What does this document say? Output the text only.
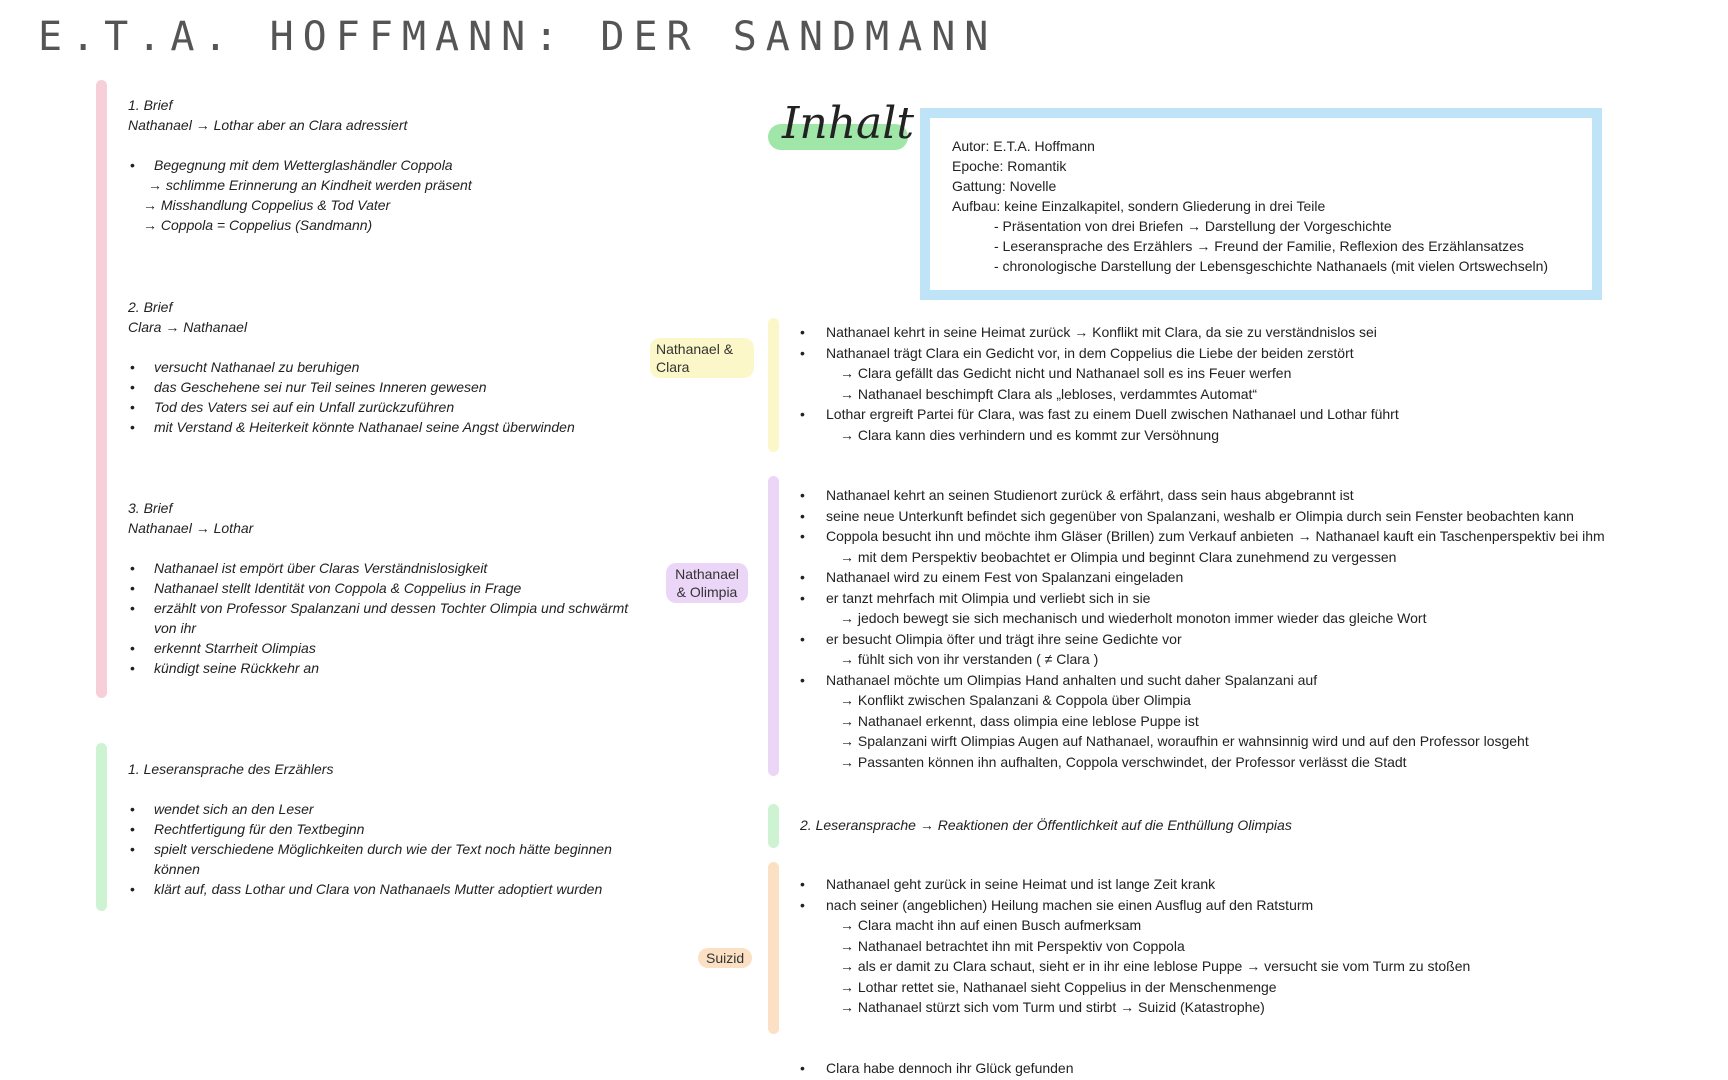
E.T.A. HOFFMANN: DER SANDMANN
Inhalt	Autor: E.T.A. Hoffmann
Epoche: Romantik
Gattung: Novelle
Aufbau: keine Einzalkapitel, sondern Gliederung in drei Teile
- Präsentation von drei Briefen → Darstellung der Vorgeschichte
- Leseransprache des Erzählers → Freund der Familie, Reflexion des Erzählansatzes
- chronologische Darstellung der Lebensgeschichte Nathanaels (mit vielen Ortswechseln)
1. Brief
Nathanael → Lothar aber an Clara adressiert
• Begegnung mit dem Wetterglashändler Coppola
→ schlimme Erinnerung an Kindheit werden präsent
→ Misshandlung Coppelius & Tod Vater
→ Coppola = Coppelius (Sandmann)
2. Brief
Clara → Nathanael
• versucht Nathanael zu beruhigen
• das Geschehene sei nur Teil seines Inneren gewesen
• Tod des Vaters sei auf ein Unfall zurückzuführen
• mit Verstand & Heiterkeit könnte Nathanael seine Angst überwinden
3. Brief
Nathanael → Lothar
• Nathanael ist empört über Claras Verständnislosigkeit
• Nathanael stellt Identität von Coppola & Coppelius in Frage
• erzählt von Professor Spalanzani und dessen Tochter Olimpia und schwärmt von ihr
• erkennt Starrheit Olimpias
• kündigt seine Rückkehr an
1. Leseransprache des Erzählers
• wendet sich an den Leser
• Rechtfertigung für den Textbeginn
• spielt verschiedene Möglichkeiten durch wie der Text noch hätte beginnen können
• klärt auf, dass Lothar und Clara von Nathanaels Mutter adoptiert wurden
Nathanael & Clara
Nathanael & Olimpia
Suizid
• Nathanael kehrt in seine Heimat zurück → Konflikt mit Clara, da sie zu verständnislos sei
• Nathanael trägt Clara ein Gedicht vor, in dem Coppelius die Liebe der beiden zerstört
→ Clara gefällt das Gedicht nicht und Nathanael soll es ins Feuer werfen
→ Nathanael beschimpft Clara als „lebloses, verdammtes Automat“
• Lothar ergreift Partei für Clara, was fast zu einem Duell zwischen Nathanael und Lothar führt
→ Clara kann dies verhindern und es kommt zur Versöhnung
• Nathanael kehrt an seinen Studienort zurück & erfährt, dass sein haus abgebrannt ist
• seine neue Unterkunft befindet sich gegenüber von Spalanzani, weshalb er Olimpia durch sein Fenster beobachten kann
• Coppola besucht ihn und möchte ihm Gläser (Brillen) zum Verkauf anbieten → Nathanael kauft ein Taschenperspektiv bei ihm
→ mit dem Perspektiv beobachtet er Olimpia und beginnt Clara zunehmend zu vergessen
• Nathanael wird zu einem Fest von Spalanzani eingeladen
• er tanzt mehrfach mit Olimpia und verliebt sich in sie
→ jedoch bewegt sie sich mechanisch und wiederholt monoton immer wieder das gleiche Wort
• er besucht Olimpia öfter und trägt ihre seine Gedichte vor
→ fühlt sich von ihr verstanden ( ≠ Clara )
• Nathanael möchte um Olimpias Hand anhalten und sucht daher Spalanzani auf
→ Konflikt zwischen Spalanzani & Coppola über Olimpia
→ Nathanael erkennt, dass olimpia eine leblose Puppe ist
→ Spalanzani wirft Olimpias Augen auf Nathanael, woraufhin er wahnsinnig wird und auf den Professor losgeht
→ Passanten können ihn aufhalten, Coppola verschwindet, der Professor verlässt die Stadt
2. Leseransprache → Reaktionen der Öffentlichkeit auf die Enthüllung Olimpias
• Nathanael geht zurück in seine Heimat und ist lange Zeit krank
• nach seiner (angeblichen) Heilung machen sie einen Ausflug auf den Ratsturm
→ Clara macht ihn auf einen Busch aufmerksam
→ Nathanael betrachtet ihn mit Perspektiv von Coppola
→ als er damit zu Clara schaut, sieht er in ihr eine leblose Puppe → versucht sie vom Turm zu stoßen
→ Lothar rettet sie, Nathanael sieht Coppelius in der Menschenmenge
→ Nathanael stürzt sich vom Turm und stirbt → Suizid (Katastrophe)
• Clara habe dennoch ihr Glück gefunden
